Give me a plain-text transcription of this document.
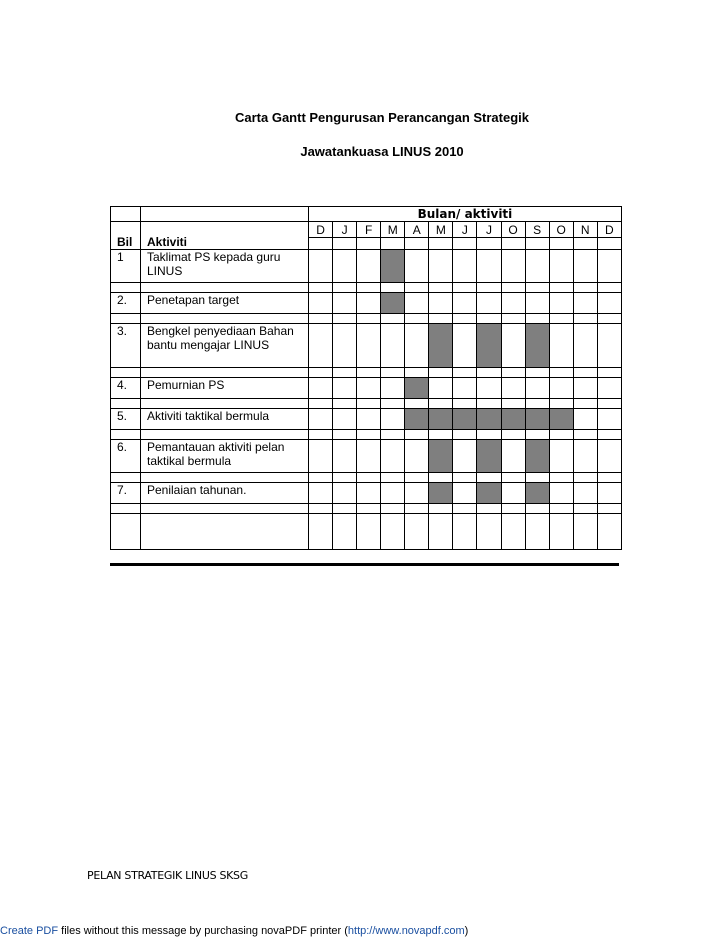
Carta Gantt Pengurusan Perancangan Strategik
Jawatankuasa LINUS 2010
		Bulan/ aktiviti												
Bil	Aktiviti	D	J	F	M	A	M	J	J	O	S	O	N	D

1	Taklimat PS kepada guru LINUS													

2.	Penetapan target													

3.	Bengkel penyediaan Bahan bantu mengajar LINUS													

4.	Pemurnian PS													

5.	Aktiviti taktikal bermula													

6.	Pemantauan aktiviti pelan taktikal bermula													

7.	Penilaian tahunan.													

PELAN STRATEGIK LINUS SKSG
Create PDF files without this message by purchasing novaPDF printer (http://www.novapdf.com)
